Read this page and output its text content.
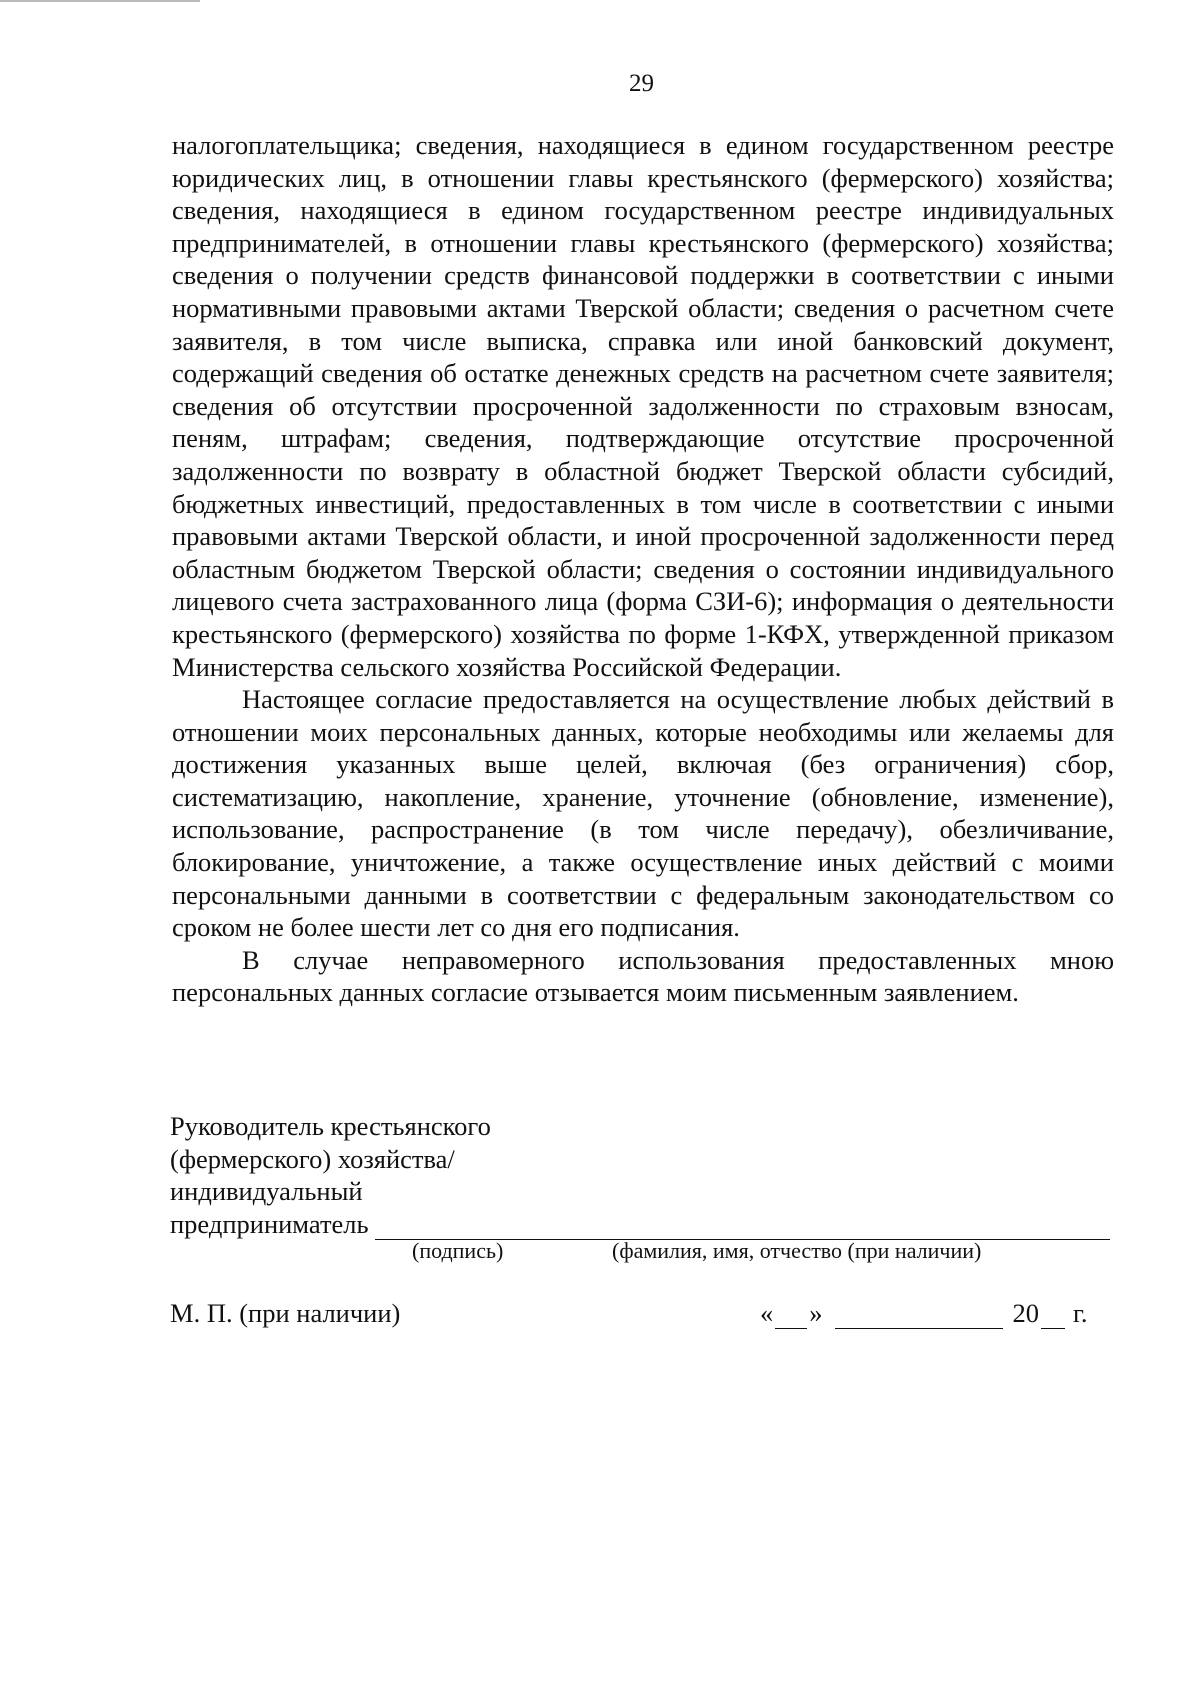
29

налогоплательщика; сведения, находящиеся в едином государственном реестре юридических лиц, в отношении главы крестьянского (фермерского) хозяйства; сведения, находящиеся в едином государственном реестре индивидуальных предпринимателей, в отношении главы крестьянского (фермерского) хозяйства; сведения о получении средств финансовой поддержки в соответствии с иными нормативными правовыми актами Тверской области; сведения о расчетном счете заявителя, в том числе выписка, справка или иной банковский документ, содержащий сведения об остатке денежных средств на расчетном счете заявителя; сведения об отсутствии просроченной задолженности по страховым взносам, пеням, штрафам; сведения, подтверждающие отсутствие просроченной задолженности по возврату в областной бюджет Тверской области субсидий, бюджетных инвестиций, предоставленных в том числе в соответствии с иными правовыми актами Тверской области, и иной просроченной задолженности перед областным бюджетом Тверской области; сведения о состоянии индивидуального лицевого счета застрахованного лица (форма СЗИ-6); информация о деятельности крестьянского (фермерского) хозяйства по форме 1-КФХ, утвержденной приказом Министерства сельского хозяйства Российской Федерации.

Настоящее согласие предоставляется на осуществление любых действий в отношении моих персональных данных, которые необходимы или желаемы для достижения указанных выше целей, включая (без ограничения) сбор, систематизацию, накопление, хранение, уточнение (обновление, изменение), использование, распространение (в том числе передачу), обезличивание, блокирование, уничтожение, а также осуществление иных действий с моими персональными данными в соответствии с федеральным законодательством со сроком не более шести лет со дня его подписания.

В случае неправомерного использования предоставленных мною персональных данных согласие отзывается моим письменным заявлением.

Руководитель крестьянского
(фермерского) хозяйства/
индивидуальный
предприниматель
(подпись)	(фамилия, имя, отчество (при наличии)
М. П. (при наличии)	« »	20 г.
